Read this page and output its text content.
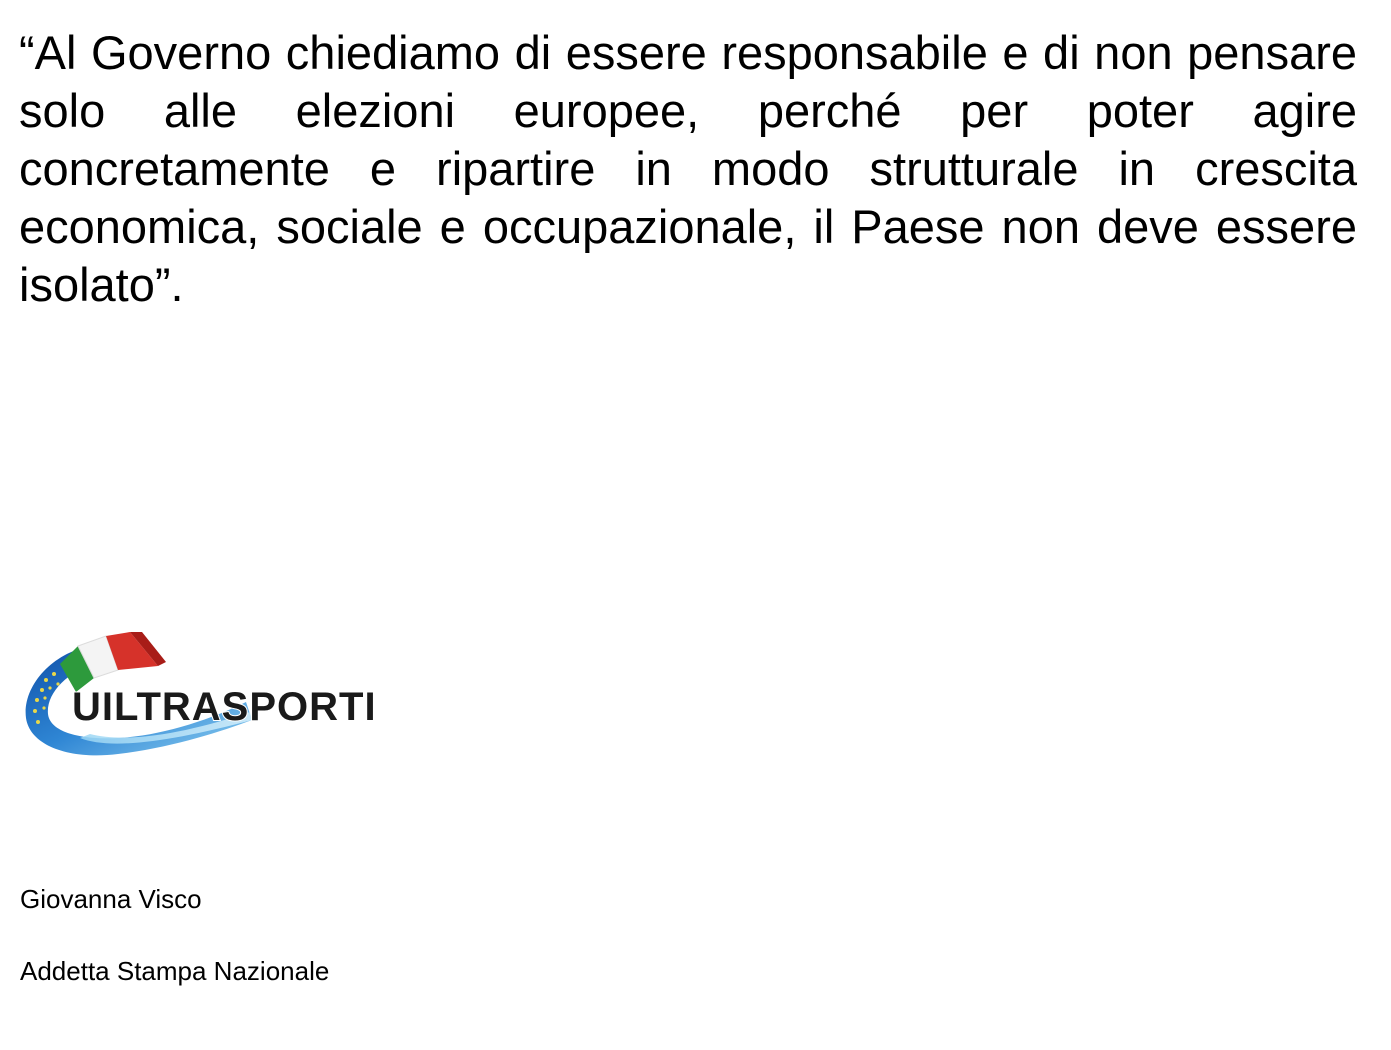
“Al Governo chiediamo di essere responsabile e di non pensare solo alle elezioni europee, perché per poter agire concretamente e ripartire in modo strutturale in crescita economica, sociale e occupazionale, il Paese non deve essere isolato”.

UILTRASPORTI

Giovanna Visco

Addetta Stampa Nazionale
